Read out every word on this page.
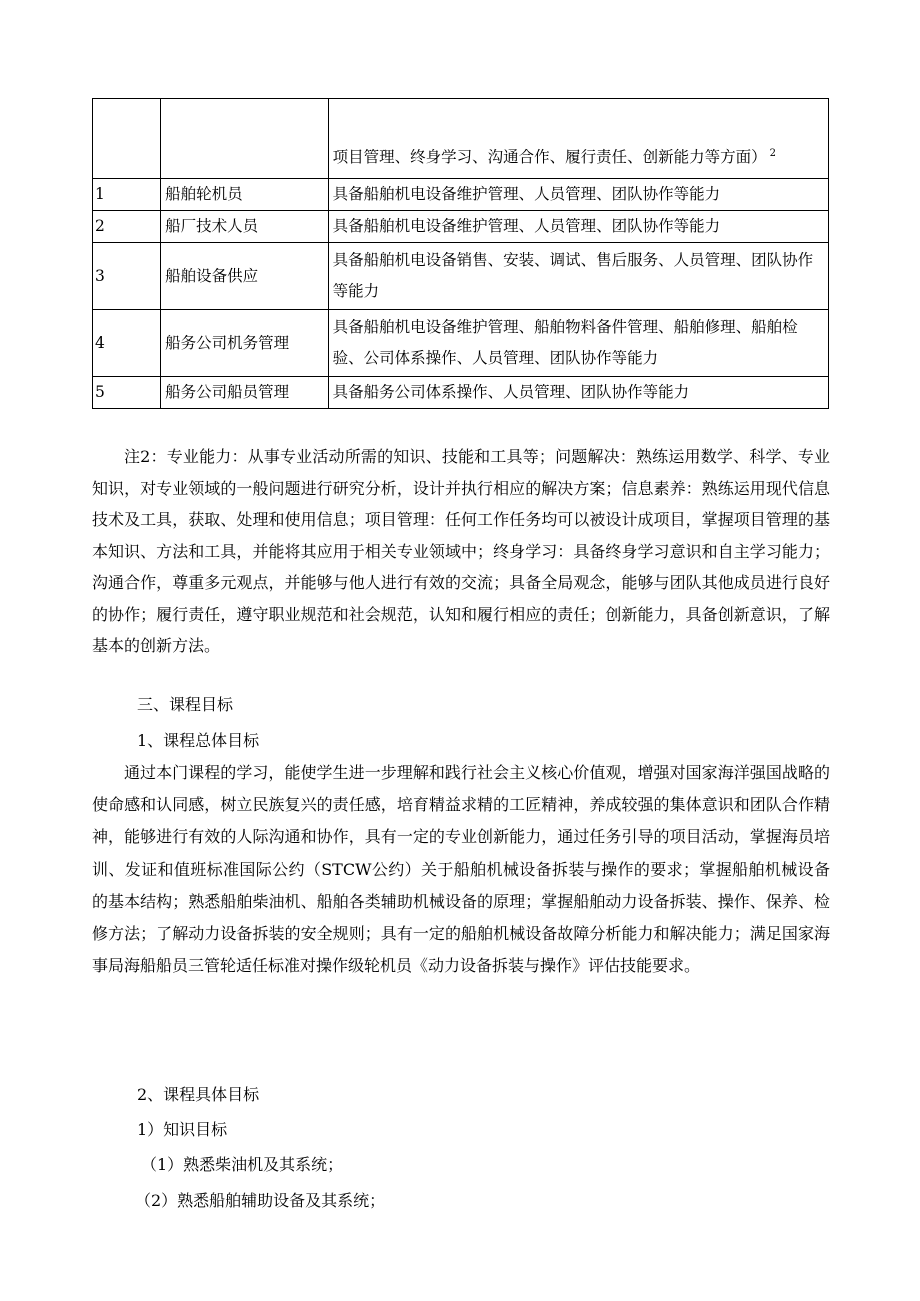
		项目管理、终身学习、沟通合作、履行责任、创新能力等方面） $^2$
1	船舶轮机员	具备船舶机电设备维护管理、人员管理、团队协作等能力
2	船厂技术人员	具备船舶机电设备维护管理、人员管理、团队协作等能力
3	船舶设备供应	具备船舶机电设备销售、安装、调试、售后服务、人员管理、团队协作等能力
4	船务公司机务管理	具备船舶机电设备维护管理、船舶物料备件管理、船舶修理、船舶检验、公司体系操作、人员管理、团队协作等能力
5	船务公司船员管理	具备船务公司体系操作、人员管理、团队协作等能力

注2：专业能力：从事专业活动所需的知识、技能和工具等；问题解决：熟练运用数学、科学、专业知识，对专业领域的一般问题进行研究分析，设计并执行相应的解决方案；信息素养：熟练运用现代信息技术及工具，获取、处理和使用信息；项目管理：任何工作任务均可以被设计成项目，掌握项目管理的基本知识、方法和工具，并能将其应用于相关专业领域中；终身学习：具备终身学习意识和自主学习能力；沟通合作，尊重多元观点，并能够与他人进行有效的交流；具备全局观念，能够与团队其他成员进行良好的协作；履行责任，遵守职业规范和社会规范，认知和履行相应的责任；创新能力，具备创新意识，了解基本的创新方法。

三、课程目标

1、课程总体目标

通过本门课程的学习，能使学生进一步理解和践行社会主义核心价值观，增强对国家海洋强国战略的使命感和认同感，树立民族复兴的责任感，培育精益求精的工匠精神，养成较强的集体意识和团队合作精神，能够进行有效的人际沟通和协作，具有一定的专业创新能力，通过任务引导的项目活动，掌握海员培训、发证和值班标准国际公约（STCW公约）关于船舶机械设备拆装与操作的要求；掌握船舶机械设备的基本结构；熟悉船舶柴油机、船舶各类辅助机械设备的原理；掌握船舶动力设备拆装、操作、保养、检修方法；了解动力设备拆装的安全规则；具有一定的船舶机械设备故障分析能力和解决能力；满足国家海事局海船船员三管轮适任标准对操作级轮机员《动力设备拆装与操作》评估技能要求。

2、课程具体目标

1）知识目标

（1）熟悉柴油机及其系统；

（2）熟悉船舶辅助设备及其系统；
